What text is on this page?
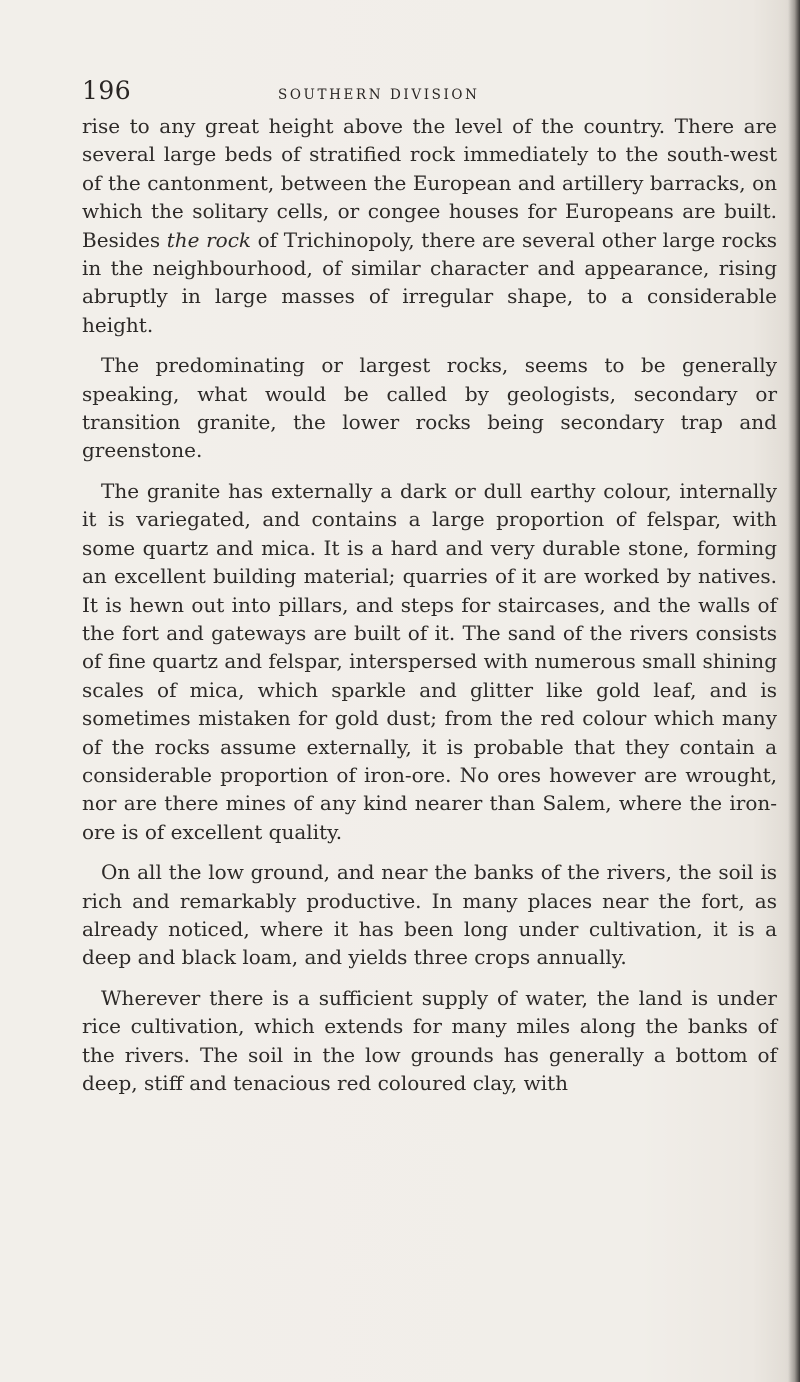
196	SOUTHERN DIVISION

rise to any great height above the level of the country. There are several large beds of stratified rock immediately to the south-west of the cantonment, between the European and artillery barracks, on which the solitary cells, or congee houses for Europeans are built. Besides the rock of Trichinopoly, there are several other large rocks in the neighbourhood, of similar character and appearance, rising abruptly in large masses of irregular shape, to a considerable height.

The predominating or largest rocks, seems to be generally speaking, what would be called by geologists, secondary or transition granite, the lower rocks being secondary trap and greenstone.

The granite has externally a dark or dull earthy colour, internally it is variegated, and contains a large proportion of felspar, with some quartz and mica. It is a hard and very durable stone, forming an excellent building material; quarries of it are worked by natives. It is hewn out into pillars, and steps for staircases, and the walls of the fort and gateways are built of it. The sand of the rivers consists of fine quartz and felspar, interspersed with numerous small shining scales of mica, which sparkle and glitter like gold leaf, and is sometimes mistaken for gold dust; from the red colour which many of the rocks assume externally, it is probable that they contain a considerable proportion of iron-ore. No ores however are wrought, nor are there mines of any kind nearer than Salem, where the iron-ore is of excellent quality.

On all the low ground, and near the banks of the rivers, the soil is rich and remarkably productive. In many places near the fort, as already noticed, where it has been long under cultivation, it is a deep and black loam, and yields three crops annually.

Wherever there is a sufficient supply of water, the land is under rice cultivation, which extends for many miles along the banks of the rivers. The soil in the low grounds has generally a bottom of deep, stiff and tenacious red coloured clay, with
